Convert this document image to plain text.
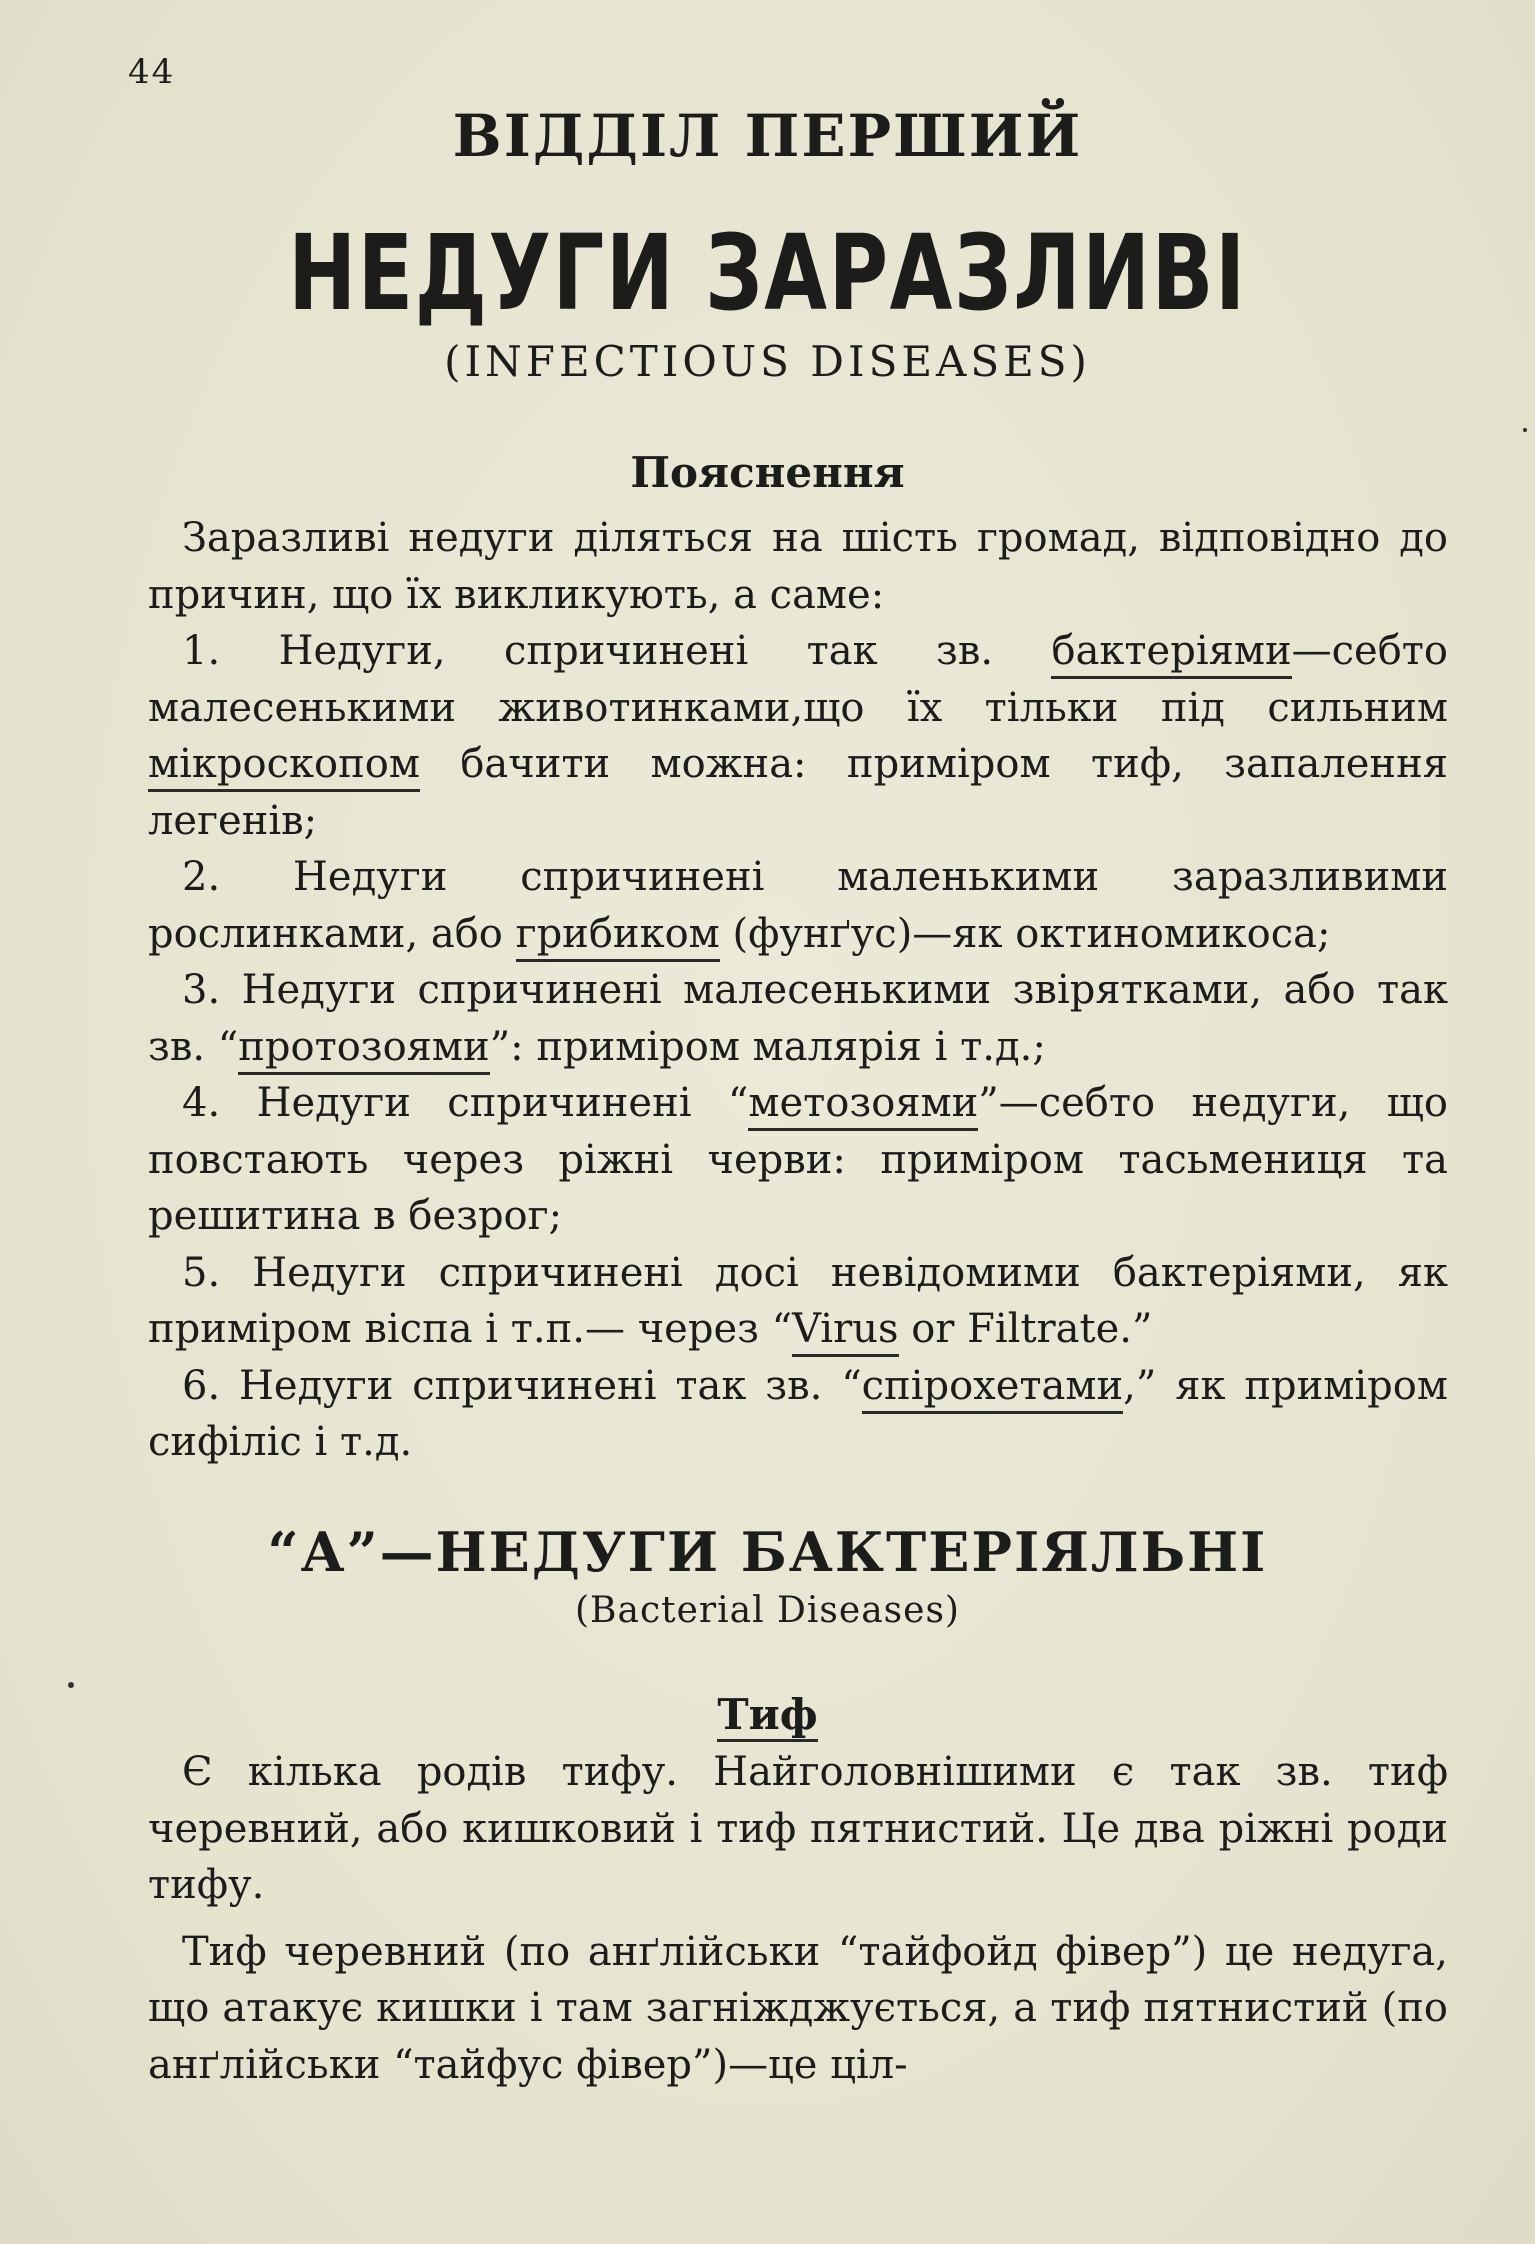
44
ВІДДІЛ ПЕРШИЙ
НЕДУГИ ЗАРАЗЛИВІ
(INFECTIOUS DISEASES)
Пояснення

Заразливі недуги діляться на шість громад, відповідно до причин, що їх викликують, а саме:

1. Недуги, спричинені так зв. бактеріями—себто малесенькими животинками,що їх тільки під сильним мікроскопом бачити можна: приміром тиф, запалення легенів;

2. Недуги спричинені маленькими заразливими рослинками, або грибиком (фунґус)—як октиномикоса;

3. Недуги спричинені малесенькими звірятками, або так зв. “протозоями”: приміром малярія і т.д.;

4. Недуги спричинені “метозоями”—себто недуги, що повстають через ріжні черви: приміром тасьмениця та решитина в безрог;

5. Недуги спричинені досі невідомими бактеріями, як приміром віспа і т.п.— через “Virus or Filtrate.”

6. Недуги спричинені так зв. “спірохетами,” як приміром сифіліс і т.д.

“А”—НЕДУГИ БАКТЕРІЯЛЬНІ
(Bacterial Diseases)
Тиф

Є кілька родів тифу. Найголовнішими є так зв. тиф черевний, або кишковий і тиф пятнистий. Це два ріжні роди тифу.

Тиф черевний (по анґлійськи “тайфойд фівер”) це недуга, що атакує кишки і там загніжджується, а тиф пятнистий (по анґлійськи “тайфус фівер”)—це ціл-
